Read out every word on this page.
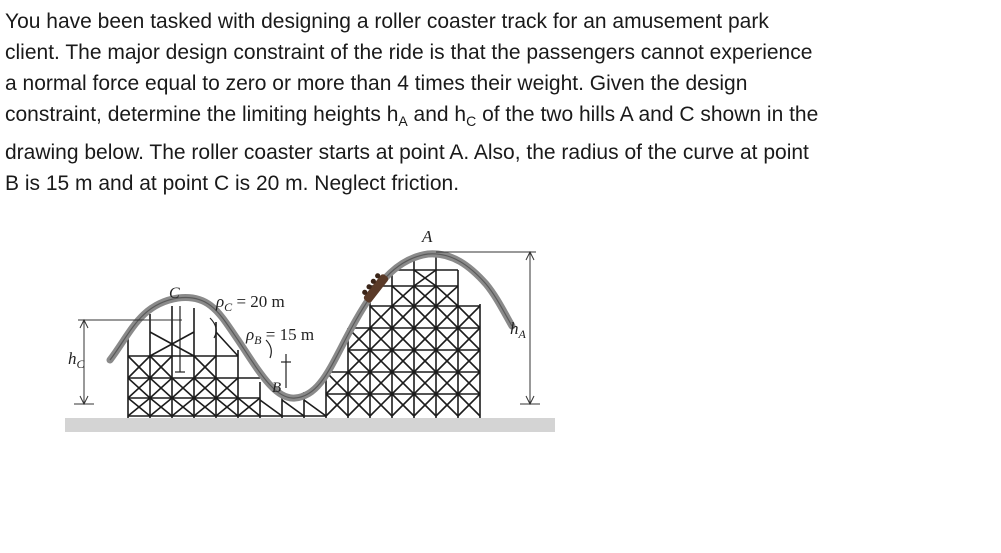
You have been tasked with designing a roller coaster track for an amusement park
client. The major design constraint of the ride is that the passengers cannot experience
a normal force equal to zero or more than 4 times their weight. Given the design
constraint, determine the limiting heights $h_A$ and $h_C$ of the two hills A and C shown in the
drawing below. The roller coaster starts at point A. Also, the radius of the curve at point
B is 15 m and at point C is 20 m. Neglect friction.
A
C
B
$\rho_C = 20$ m
$\rho_B = 15$ m	$h_A$
$h_C$
